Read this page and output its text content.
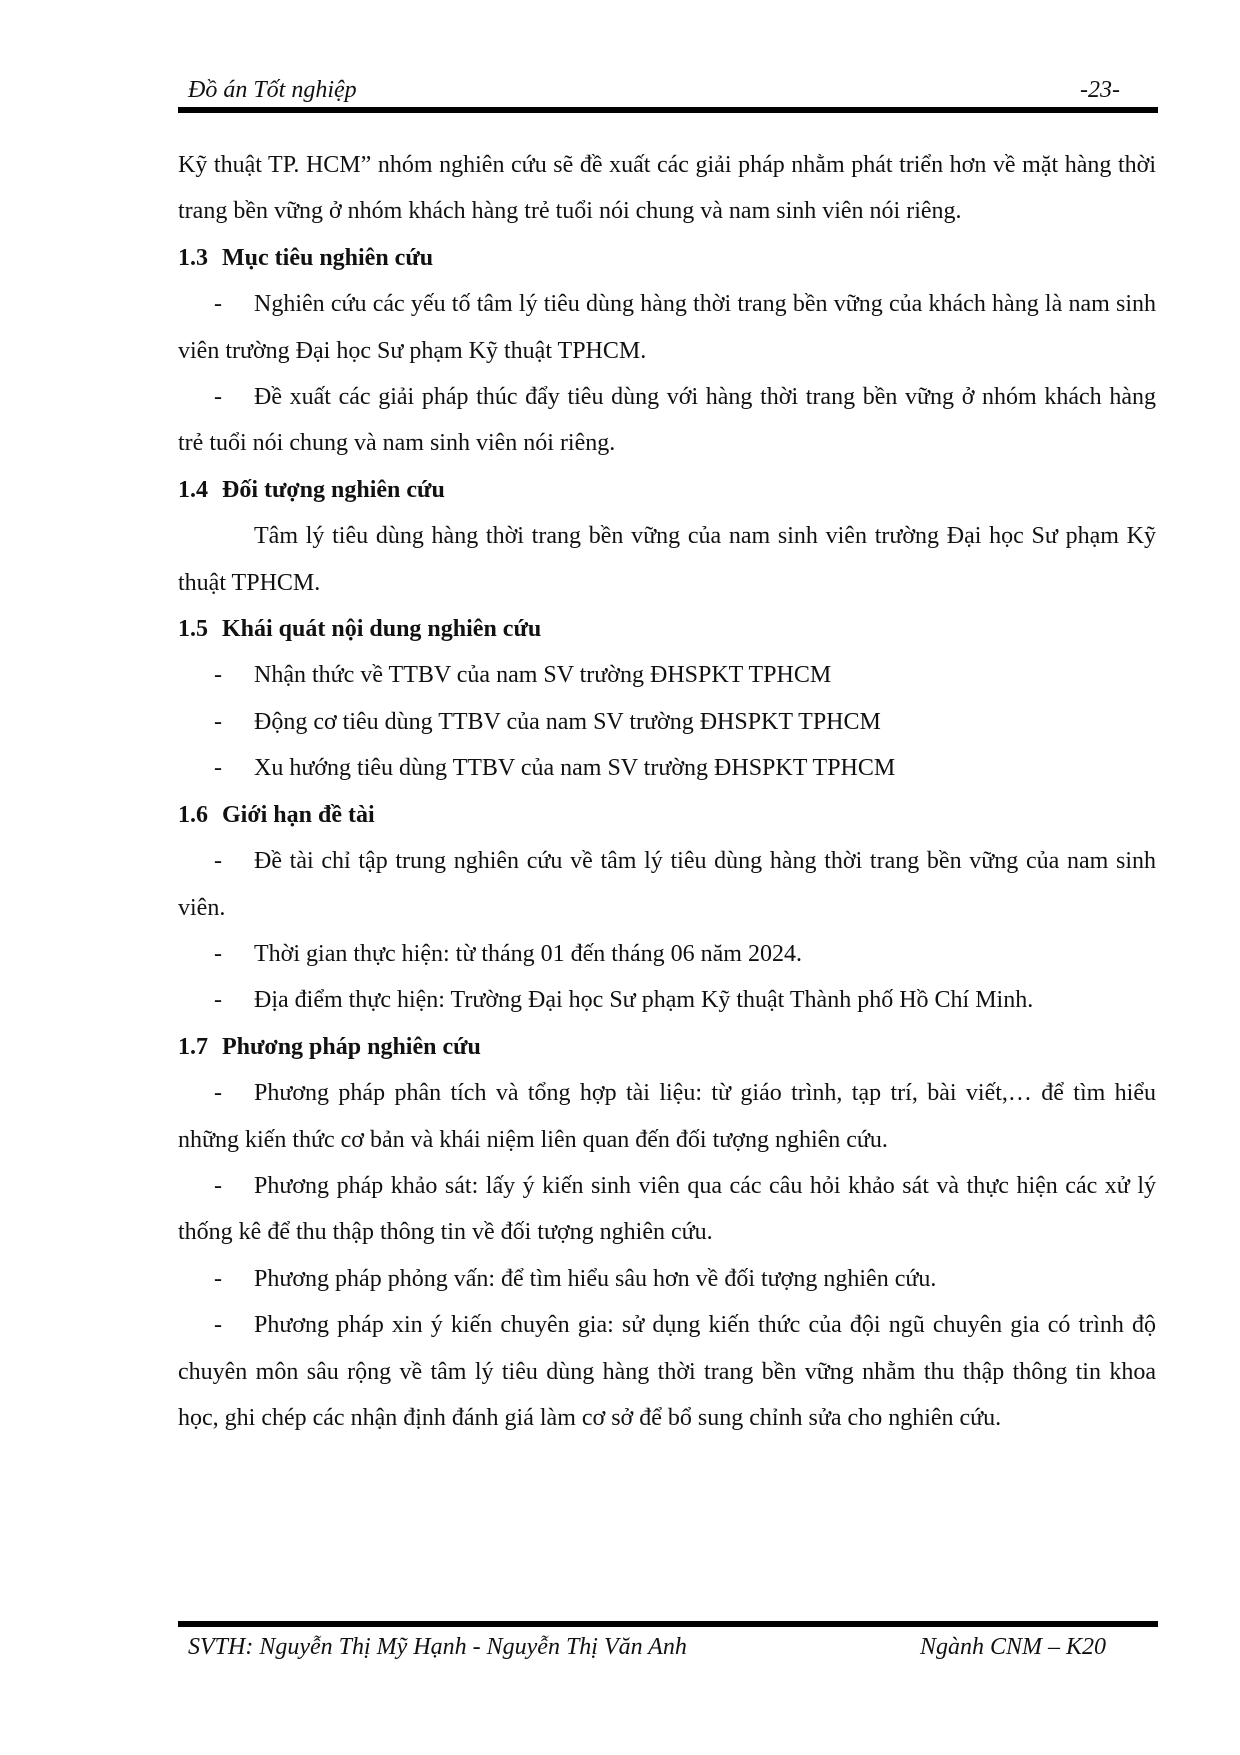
Đồ án Tốt nghiệp	-23-

Kỹ thuật TP. HCM” nhóm nghiên cứu sẽ đề xuất các giải pháp nhằm phát triển hơn về mặt hàng thời trang bền vững ở nhóm khách hàng trẻ tuổi nói chung và nam sinh viên nói riêng.

1.3 Mục tiêu nghiên cứu

- Nghiên cứu các yếu tố tâm lý tiêu dùng hàng thời trang bền vững của khách hàng là nam sinh viên trường Đại học Sư phạm Kỹ thuật TPHCM.

- Đề xuất các giải pháp thúc đẩy tiêu dùng với hàng thời trang bền vững ở nhóm khách hàng trẻ tuổi nói chung và nam sinh viên nói riêng.

1.4 Đối tượng nghiên cứu

Tâm lý tiêu dùng hàng thời trang bền vững của nam sinh viên trường Đại học Sư phạm Kỹ thuật TPHCM.

1.5 Khái quát nội dung nghiên cứu

- Nhận thức về TTBV của nam SV trường ĐHSPKT TPHCM

- Động cơ tiêu dùng TTBV của nam SV trường ĐHSPKT TPHCM

- Xu hướng tiêu dùng TTBV của nam SV trường ĐHSPKT TPHCM

1.6 Giới hạn đề tài

- Đề tài chỉ tập trung nghiên cứu về tâm lý tiêu dùng hàng thời trang bền vững của nam sinh viên.

- Thời gian thực hiện: từ tháng 01 đến tháng 06 năm 2024.

- Địa điểm thực hiện: Trường Đại học Sư phạm Kỹ thuật Thành phố Hồ Chí Minh.

1.7 Phương pháp nghiên cứu

- Phương pháp phân tích và tổng hợp tài liệu: từ giáo trình, tạp trí, bài viết,… để tìm hiểu những kiến thức cơ bản và khái niệm liên quan đến đối tượng nghiên cứu.

- Phương pháp khảo sát: lấy ý kiến sinh viên qua các câu hỏi khảo sát và thực hiện các xử lý thống kê để thu thập thông tin về đối tượng nghiên cứu.

- Phương pháp phỏng vấn: để tìm hiểu sâu hơn về đối tượng nghiên cứu.

- Phương pháp xin ý kiến chuyên gia: sử dụng kiến thức của đội ngũ chuyên gia có trình độ chuyên môn sâu rộng về tâm lý tiêu dùng hàng thời trang bền vững nhằm thu thập thông tin khoa học, ghi chép các nhận định đánh giá làm cơ sở để bổ sung chỉnh sửa cho nghiên cứu.

SVTH: Nguyễn Thị Mỹ Hạnh - Nguyễn Thị Văn Anh	Ngành CNM – K20
